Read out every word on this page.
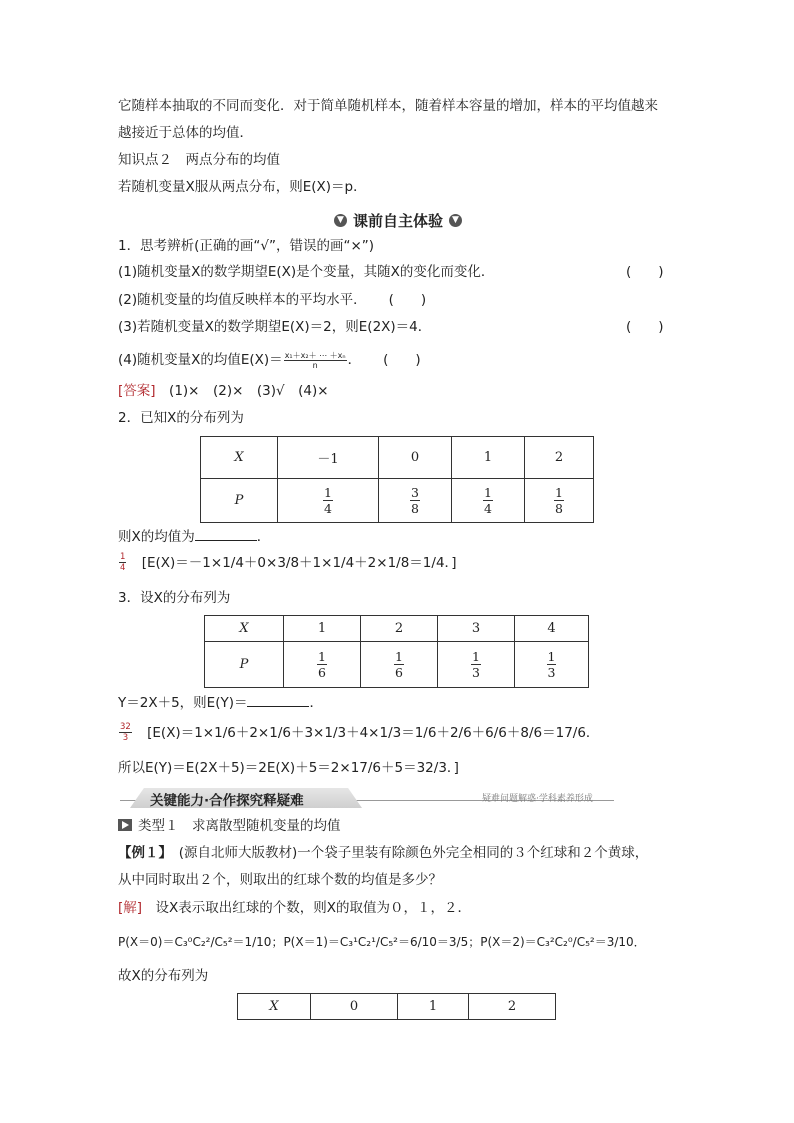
它随样本抽取的不同而变化．对于简单随机样本，随着样本容量的增加，样本的平均值越来
越接近于总体的均值．
知识点２　两点分布的均值
若随机变量X服从两点分布，则E(X)＝p．
▼ 课前自主体验	▼
1．思考辨析(正确的画“√”，错误的画“×”)
(1)随机变量X的数学期望E(X)是个变量，其随X的变化而变化．	(　　)
(2)随机变量的均值反映样本的平均水平． (　　)
(3)若随机变量X的数学期望E(X)＝2，则E(2X)＝4．	(　　)
(4)随机变量X的均值$E(X)= \frac{\text{x₁＋x₂＋ ⋯ ＋xₙ}}{n}$ ． (　　)
[答案]　 (1)×　(2)×　(3)√　(4)×
2．已知X的分布列为
X	－1	0	1	2
P	$\frac{1}{4}$	$\frac{3}{8}$	$\frac{1}{4}$	$\frac{1}{8}$
则X的均值为	．
$\frac{1}{4} [E(X)=-1\times 1/4+0\times 3/8+1\times 1/4+2\times 1/8=1/4$．]
3．设X的分布列为
X	1	2	3	4
P	$\frac{1}{6}$	$\frac{1}{6}$	$\frac{1}{3}$	$\frac{1}{3}$
Y＝2X＋5，则E(Y)＝	．
$\frac{32}{3} [E(X)=1\times 1/6+2\times 1/6+3\times 1/3+4\times 1/3=1/6+2/6+6/6+8/6=17/6$．
所以E(Y)＝E(2X＋5)＝2E(X)＋5＝2×17/6＋5＝32/3．]
关键能力·合作探究释疑难	疑难问题解惑·学科素养形成
类型１　求离散型随机变量的均值
【例１】　 (源自北师大版教材)一个袋子里装有除颜色外完全相同的３个红球和２个黄球，
从中同时取出２个，则取出的红球个数的均值是多少？
[解]　 设X表示取出红球的个数，则X的取值为０，１，２．
P(X＝0)＝C₃⁰C₂²/C₅²＝1/10；P(X＝1)＝C₃¹C₂¹/C₅²＝6/10＝3/5；P(X＝2)＝C₃²C₂⁰/C₅²＝3/10．
故X的分布列为
X	0	1	2
